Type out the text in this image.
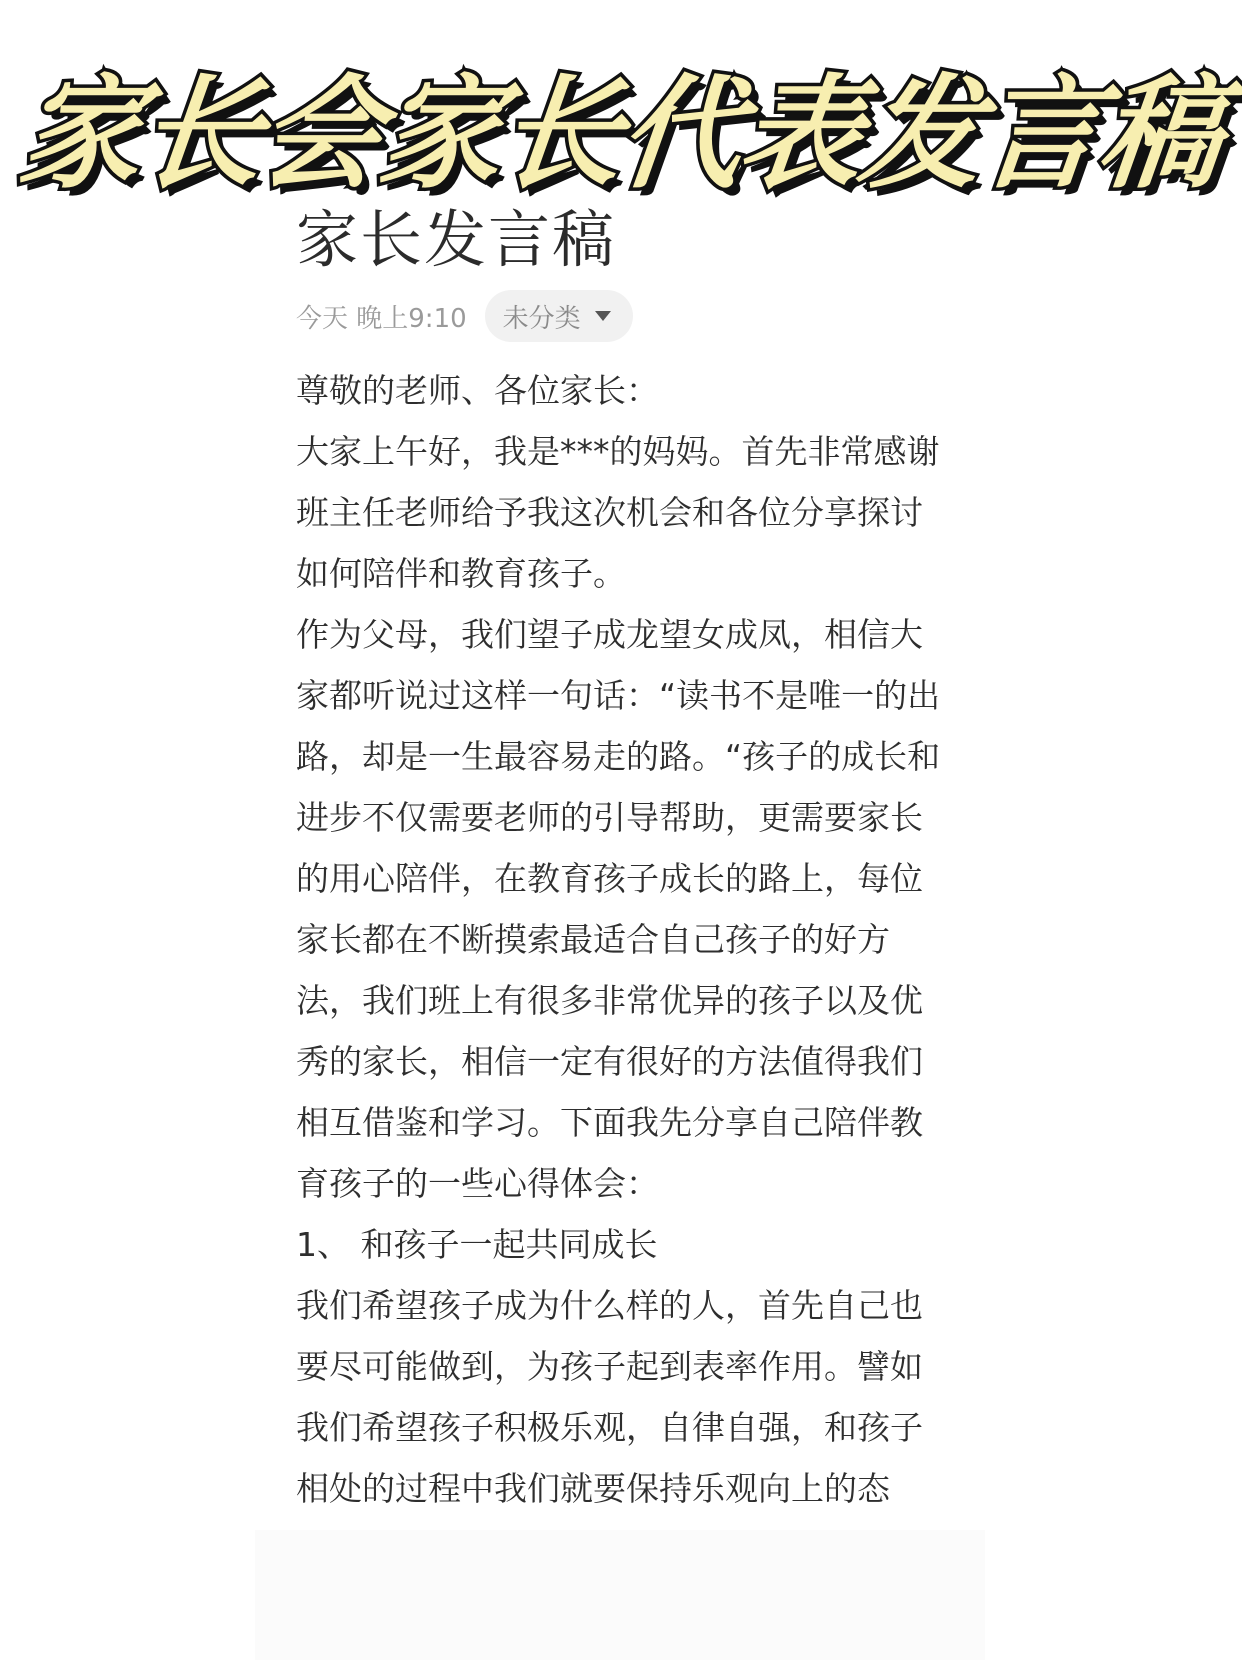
家长发言稿
今天 晚上9:10 未分类
尊敬的老师、各位家长：
大家上午好，我是***的妈妈。首先非常感谢
班主任老师给予我这次机会和各位分享探讨
如何陪伴和教育孩子。
作为父母，我们望子成龙望女成凤，相信大
家都听说过这样一句话：“读书不是唯一的出
路，却是一生最容易走的路。“孩子的成长和
进步不仅需要老师的引导帮助，更需要家长
的用心陪伴，在教育孩子成长的路上，每位
家长都在不断摸索最适合自己孩子的好方
法，我们班上有很多非常优异的孩子以及优
秀的家长，相信一定有很好的方法值得我们
相互借鉴和学习。下面我先分享自己陪伴教
育孩子的一些心得体会：
1、 和孩子一起共同成长
我们希望孩子成为什么样的人，首先自己也
要尽可能做到，为孩子起到表率作用。譬如
我们希望孩子积极乐观，自律自强，和孩子
相处的过程中我们就要保持乐观向上的态
家长会家长代表发言稿
